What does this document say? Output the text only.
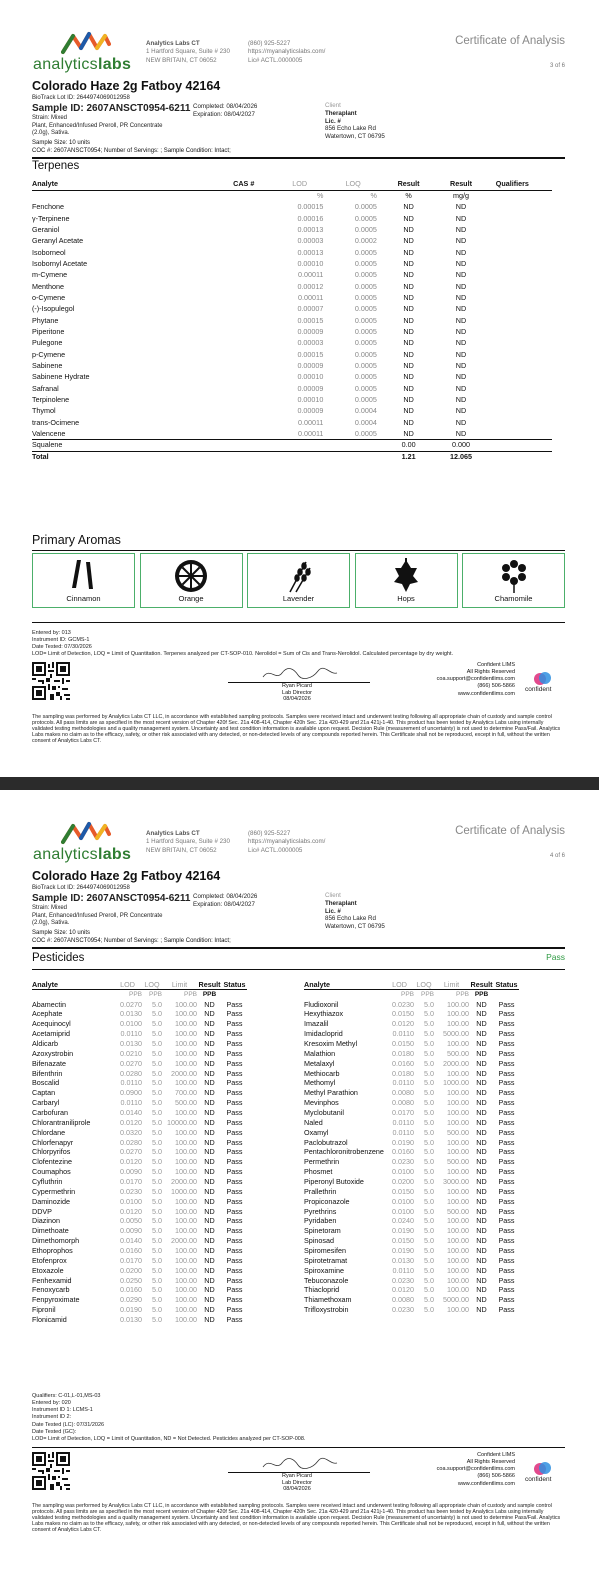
analyticslabs
Analytics Labs CT
1 Hartford Square, Suite # 230
NEW BRITAIN, CT 06052
(860) 925-5227
https://myanalyticslabs.com/
Lic# ACTL.0000005
Certificate of Analysis
3 of 6
Colorado Haze 2g Fatboy 42164
BioTrack Lot ID: 2644974069012958
Sample ID: 2607ANSCT0954-6211
Strain: Mixed
Plant, Enhanced/Infused Preroll, PR Concentrate
(2.0g), Sativa.
Completed: 08/04/2026
Expiration: 08/04/2027
Client
Theraplant
Lic. #
856 Echo Lake Rd
Watertown, CT 06795
Sample Size: 10 units
COC #: 2607ANSCT0954; Number of Servings: ; Sample Condition: Intact;
Terpenes
Analyte	CAS #	LOD	LOQ	Result	Result	Qualifiers
		%	%	%	mg/g	
Fenchone		0.00015	0.0005	ND	ND	
γ-Terpinene		0.00016	0.0005	ND	ND	
Geraniol		0.00013	0.0005	ND	ND	
Geranyl Acetate		0.00003	0.0002	ND	ND	
Isoborneol		0.00013	0.0005	ND	ND	
Isobornyl Acetate		0.00010	0.0005	ND	ND	
m-Cymene		0.00011	0.0005	ND	ND	
Menthone		0.00012	0.0005	ND	ND	
o-Cymene		0.00011	0.0005	ND	ND	
(-)-Isopulegol		0.00007	0.0005	ND	ND	
Phytane		0.00015	0.0005	ND	ND	
Piperitone		0.00009	0.0005	ND	ND	
Pulegone		0.00003	0.0005	ND	ND	
p-Cymene		0.00015	0.0005	ND	ND	
Sabinene		0.00009	0.0005	ND	ND	
Sabinene Hydrate		0.00010	0.0005	ND	ND	
Safranal		0.00009	0.0005	ND	ND	
Terpinolene		0.00010	0.0005	ND	ND	
Thymol		0.00009	0.0004	ND	ND	
trans-Ocimene		0.00011	0.0004	ND	ND	
Valencene		0.00011	0.0005	ND	ND	
Squalene				0.00	0.000	
Total				1.21	12.065	
Primary Aromas
Cinnamon	Orange	Lavender	Hops	Chamomile
Entered by: 013
Instrument ID: GCMS-1
Date Tested: 07/30/2026
LOD= Limit of Detection, LOQ = Limit of Quantitation. Terpenes analyzed per CT-SOP-010. Nerolidol = Sum of Cis and Trans-Nerolidol. Calculated percentage by dry weight.
Ryan Picard
Lab Director
08/04/2026
Confident LIMS
All Rights Reserved
coa.support@confidentlims.com
(866) 506-5866
www.confidentlims.com
confident
The sampling was performed by Analytics Labs CT LLC, in accordance with established sampling protocols. Samples were received intact and underwent testing following all appropriate chain of custody and sample control protocols. All pass limits are as specified in the most recent version of Chapter 420f Sec. 21a 408-414, Chapter 420h Sec. 21a 420-429 and 21a 421j-1-40. This product has been tested by Analytics Labs using internally validated testing methodologies and a quality management system. Uncertainty and test condition information is available upon request. Decision Rule (measurement of uncertainty) is not used to determine Pass/Fail. Analytics Labs makes no claim as to the efficacy, safety, or other risk associated with any detected, or non-detected levels of any compounds reported herein. This Certificate shall not be reproduced, except in full, without the written consent of Analytics Labs CT.
analyticslabs
Analytics Labs CT
1 Hartford Square, Suite # 230
NEW BRITAIN, CT 06052
(860) 925-5227
https://myanalyticslabs.com/
Lic# ACTL.0000005
Certificate of Analysis
4 of 6
Colorado Haze 2g Fatboy 42164
BioTrack Lot ID: 2644974069012958
Sample ID: 2607ANSCT0954-6211
Strain: Mixed
Plant, Enhanced/Infused Preroll, PR Concentrate
(2.0g), Sativa.
Completed: 08/04/2026
Expiration: 08/04/2027
Client
Theraplant
Lic. #
856 Echo Lake Rd
Watertown, CT 06795
Sample Size: 10 units
COC #: 2607ANSCT0954; Number of Servings: ; Sample Condition: Intact;
Pesticides	Pass
Qualifiers: C-01,L-01,MS-03
Entered by: 020
Instrument ID 1: LCMS-1
Instrument ID 2:
Date Tested (LC): 07/31/2026
Date Tested (GC):
LOD= Limit of Detection, LOQ = Limit of Quantitation, ND = Not Detected. Pesticides analyzed per CT-SOP-008.
Ryan Picard
Lab Director
08/04/2026
Confident LIMS
All Rights Reserved
coa.support@confidentlims.com
(866) 506-5866
www.confidentlims.com
confident
The sampling was performed by Analytics Labs CT LLC, in accordance with established sampling protocols. Samples were received intact and underwent testing following all appropriate chain of custody and sample control protocols. All pass limits are as specified in the most recent version of Chapter 420f Sec. 21a 408-414, Chapter 420h Sec. 21a 420-429 and 21a 421j-1-40. This product has been tested by Analytics Labs using internally validated testing methodologies and a quality management system. Uncertainty and test condition information is available upon request. Decision Rule (measurement of uncertainty) is not used to determine Pass/Fail. Analytics Labs makes no claim as to the efficacy, safety, or other risk associated with any detected, or non-detected levels of any compounds reported herein. This Certificate shall not be reproduced, except in full, without the written consent of Analytics Labs CT.
Analyte	LOD	LOQ	Limit	Result	Status
	PPB	PPB	PPB	PPB	
Abamectin	0.0270	5.0	100.00	ND	Pass
Acephate	0.0130	5.0	100.00	ND	Pass
Acequinocyl	0.0100	5.0	100.00	ND	Pass
Acetamiprid	0.0110	5.0	100.00	ND	Pass
Aldicarb	0.0130	5.0	100.00	ND	Pass
Azoxystrobin	0.0210	5.0	100.00	ND	Pass
Bifenazate	0.0270	5.0	100.00	ND	Pass
Bifenthrin	0.0280	5.0	2000.00	ND	Pass
Boscalid	0.0110	5.0	100.00	ND	Pass
Captan	0.0900	5.0	700.00	ND	Pass
Carbaryl	0.0110	5.0	500.00	ND	Pass
Carbofuran	0.0140	5.0	100.00	ND	Pass
Chlorantraniliprole	0.0120	5.0	10000.00	ND	Pass
Chlordane	0.0320	5.0	100.00	ND	Pass
Chlorfenapyr	0.0280	5.0	100.00	ND	Pass
Chlorpyrifos	0.0270	5.0	100.00	ND	Pass
Clofentezine	0.0120	5.0	100.00	ND	Pass
Coumaphos	0.0090	5.0	100.00	ND	Pass
Cyfluthrin	0.0170	5.0	2000.00	ND	Pass
Cypermethrin	0.0230	5.0	1000.00	ND	Pass
Daminozide	0.0100	5.0	100.00	ND	Pass
DDVP	0.0120	5.0	100.00	ND	Pass
Diazinon	0.0050	5.0	100.00	ND	Pass
Dimethoate	0.0090	5.0	100.00	ND	Pass
Dimethomorph	0.0140	5.0	2000.00	ND	Pass
Ethoprophos	0.0160	5.0	100.00	ND	Pass
Etofenprox	0.0170	5.0	100.00	ND	Pass
Etoxazole	0.0200	5.0	100.00	ND	Pass
Fenhexamid	0.0250	5.0	100.00	ND	Pass
Fenoxycarb	0.0160	5.0	100.00	ND	Pass
Fenpyroximate	0.0290	5.0	100.00	ND	Pass
Fipronil	0.0190	5.0	100.00	ND	Pass
Flonicamid	0.0130	5.0	100.00	ND	Pass
Analyte	LOD	LOQ	Limit	Result	Status
	PPB	PPB	PPB	PPB	
Fludioxonil	0.0230	5.0	100.00	ND	Pass
Hexythiazox	0.0150	5.0	100.00	ND	Pass
Imazalil	0.0120	5.0	100.00	ND	Pass
Imidacloprid	0.0110	5.0	5000.00	ND	Pass
Kresoxim Methyl	0.0150	5.0	100.00	ND	Pass
Malathion	0.0180	5.0	500.00	ND	Pass
Metalaxyl	0.0160	5.0	2000.00	ND	Pass
Methiocarb	0.0180	5.0	100.00	ND	Pass
Methomyl	0.0110	5.0	1000.00	ND	Pass
Methyl Parathion	0.0080	5.0	100.00	ND	Pass
Mevinphos	0.0080	5.0	100.00	ND	Pass
Myclobutanil	0.0170	5.0	100.00	ND	Pass
Naled	0.0110	5.0	100.00	ND	Pass
Oxamyl	0.0110	5.0	500.00	ND	Pass
Paclobutrazol	0.0190	5.0	100.00	ND	Pass
Pentachloronitrobenzene	0.0160	5.0	100.00	ND	Pass
Permethrin	0.0230	5.0	500.00	ND	Pass
Phosmet	0.0100	5.0	100.00	ND	Pass
Piperonyl Butoxide	0.0200	5.0	3000.00	ND	Pass
Prallethrin	0.0150	5.0	100.00	ND	Pass
Propiconazole	0.0100	5.0	100.00	ND	Pass
Pyrethrins	0.0100	5.0	500.00	ND	Pass
Pyridaben	0.0240	5.0	100.00	ND	Pass
Spinetoram	0.0190	5.0	100.00	ND	Pass
Spinosad	0.0150	5.0	100.00	ND	Pass
Spiromesifen	0.0190	5.0	100.00	ND	Pass
Spirotetramat	0.0130	5.0	100.00	ND	Pass
Spiroxamine	0.0110	5.0	100.00	ND	Pass
Tebuconazole	0.0230	5.0	100.00	ND	Pass
Thiacloprid	0.0120	5.0	100.00	ND	Pass
Thiamethoxam	0.0080	5.0	5000.00	ND	Pass
Trifloxystrobin	0.0230	5.0	100.00	ND	Pass
